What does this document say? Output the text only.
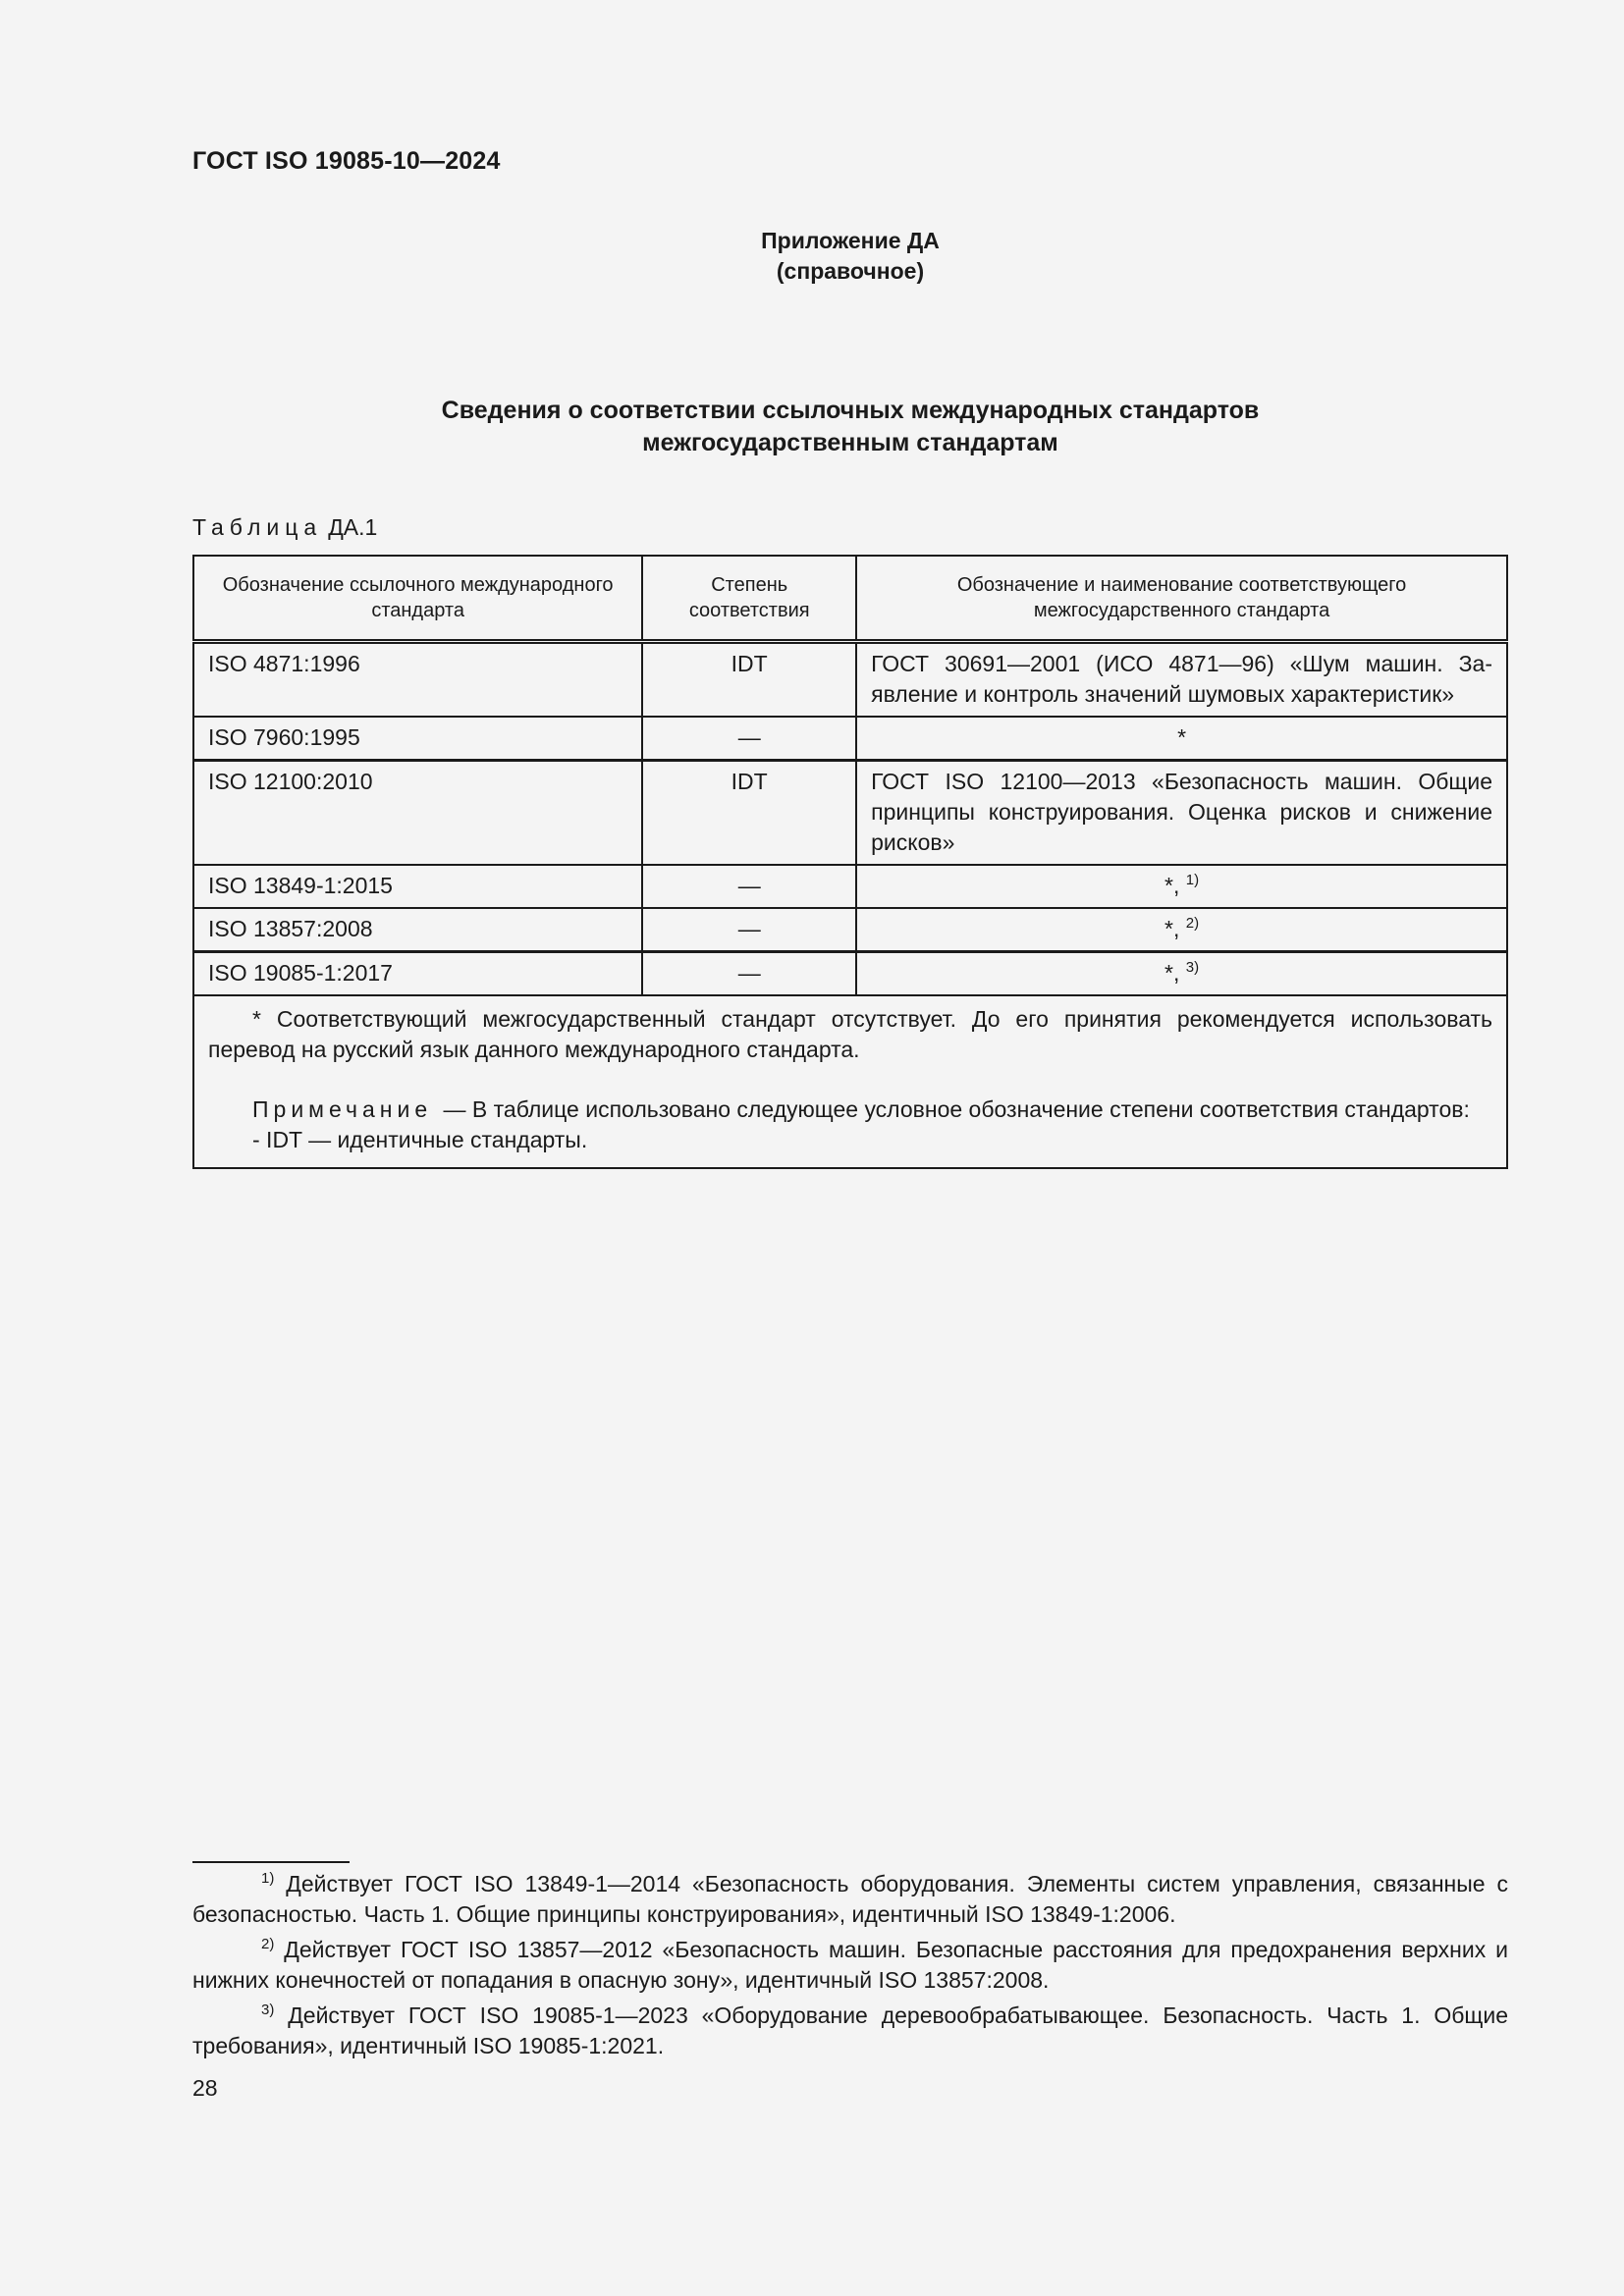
ГОСТ ISO 19085-10—2024
Приложение ДА
(справочное)
Сведения о соответствии ссылочных международных стандартов
межгосударственным стандартам
Таблица ДА.1
Обозначение ссылочного международного стандарта	Степень соответствия	Обозначение и наименование соответствующего межгосударственного стандарта
ISO 4871:1996	IDT	ГОСТ 30691—2001 (ИСО 4871—96) «Шум машин. Заявление и контроль значений шумовых характеристик»
ISO 7960:1995	—	*
ISO 12100:2010	IDT	ГОСТ ISO 12100—2013 «Безопасность машин. Общие принципы конструирования. Оценка рисков и снижение рисков»
ISO 13849-1:2015	—	*, $^{1)}$
ISO 13857:2008	—	*, $^{2)}$
ISO 19085-1:2017	—	*, $^{3)}$

* Соответствующий межгосударственный стандарт отсутствует. До его принятия рекомендуется использовать перевод на русский язык данного международного стандарта.

Примечание — В таблице использовано следующее условное обозначение степени соответствия стандартов:

- IDT — идентичные стандарты.		

$^{1)}$ Действует ГОСТ ISO 13849-1—2014 «Безопасность оборудования. Элементы систем управления, связанные с безопасностью. Часть 1. Общие принципы конструирования», идентичный ISO 13849-1:2006.

$^{2)}$ Действует ГОСТ ISO 13857—2012 «Безопасность машин. Безопасные расстояния для предохранения верхних и нижних конечностей от попадания в опасную зону», идентичный ISO 13857:2008.

$^{3)}$ Действует ГОСТ ISO 19085-1—2023 «Оборудование деревообрабатывающее. Безопасность. Часть 1. Общие требования», идентичный ISO 19085-1:2021.

28
